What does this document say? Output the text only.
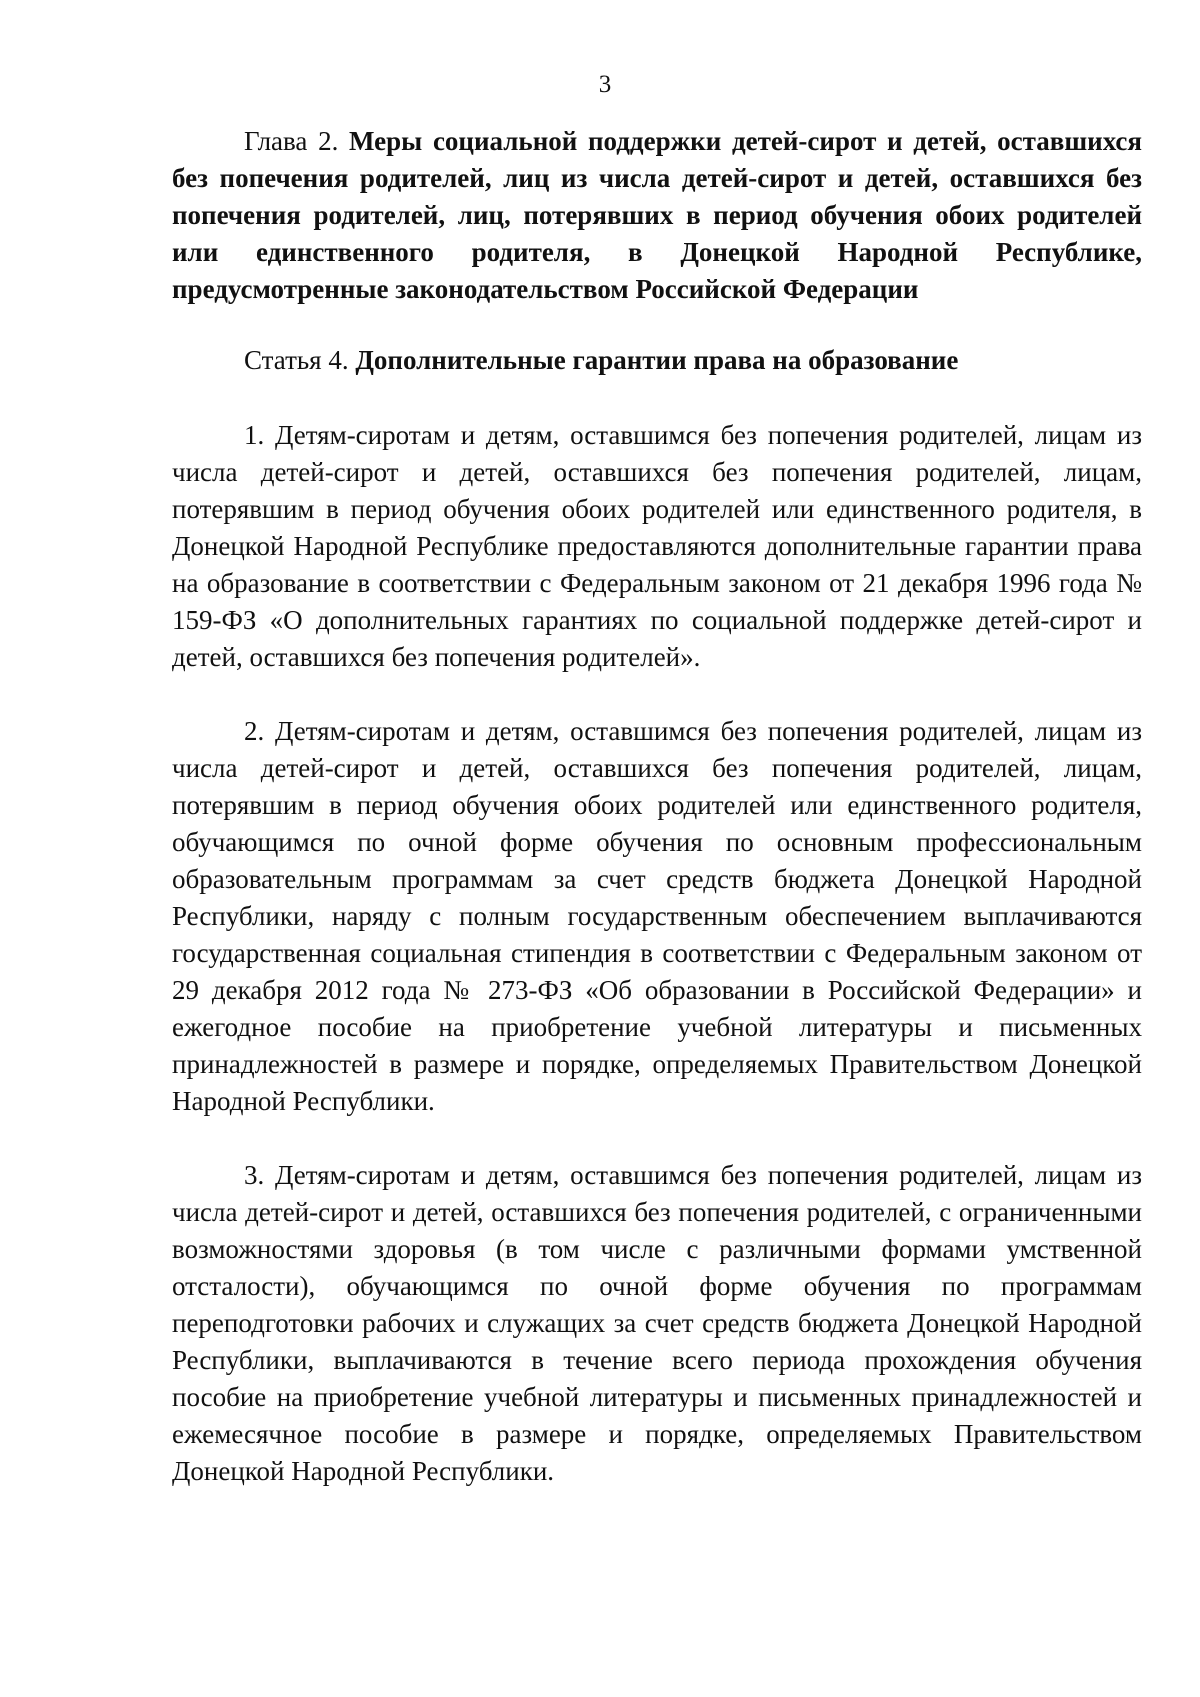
3

Глава 2. Меры социальной поддержки детей-сирот и детей, оставшихся без попечения родителей, лиц из числа детей-сирот и детей, оставшихся без попечения родителей, лиц, потерявших в период обучения обоих родителей или единственного родителя, в Донецкой Народной Республике, предусмотренные законодательством Российской Федерации

Статья 4. Дополнительные гарантии права на образование

1. Детям-сиротам и детям, оставшимся без попечения родителей, лицам из числа детей-сирот и детей, оставшихся без попечения родителей, лицам, потерявшим в период обучения обоих родителей или единственного родителя, в Донецкой Народной Республике предоставляются дополнительные гарантии права на образование в соответствии с Федеральным законом от 21 декабря 1996 года № 159-ФЗ «О дополнительных гарантиях по социальной поддержке детей-сирот и детей, оставшихся без попечения родителей».

2. Детям-сиротам и детям, оставшимся без попечения родителей, лицам из числа детей-сирот и детей, оставшихся без попечения родителей, лицам, потерявшим в период обучения обоих родителей или единственного родителя, обучающимся по очной форме обучения по основным профессиональным образовательным программам за счет средств бюджета Донецкой Народной Республики, наряду с полным государственным обеспечением выплачиваются государственная социальная стипендия в соответствии с Федеральным законом от 29 декабря 2012 года № 273-ФЗ «Об образовании в Российской Федерации» и ежегодное пособие на приобретение учебной литературы и письменных принадлежностей в размере и порядке, определяемых Правительством Донецкой Народной Республики.

3. Детям-сиротам и детям, оставшимся без попечения родителей, лицам из числа детей-сирот и детей, оставшихся без попечения родителей, с ограниченными возможностями здоровья (в том числе с различными формами умственной отсталости), обучающимся по очной форме обучения по программам переподготовки рабочих и служащих за счет средств бюджета Донецкой Народной Республики, выплачиваются в течение всего периода прохождения обучения пособие на приобретение учебной литературы и письменных принадлежностей и ежемесячное пособие в размере и порядке, определяемых Правительством Донецкой Народной Республики.
